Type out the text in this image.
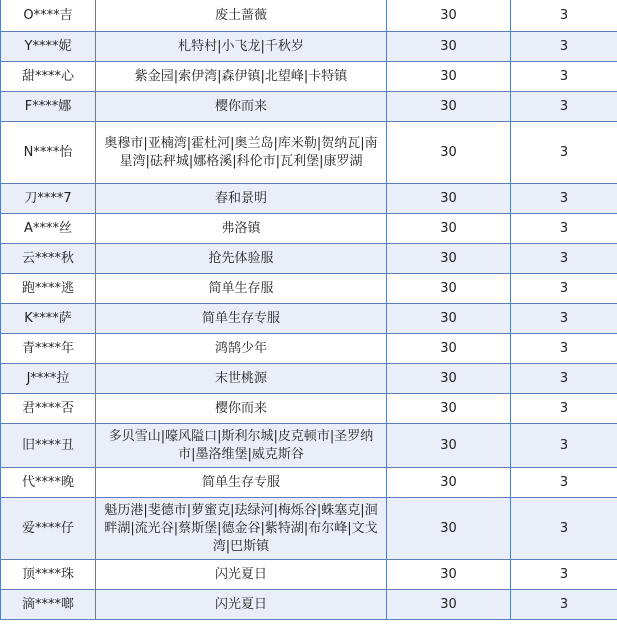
O****吉	废土蔷薇	30	3
Y****妮	札特村|小飞龙|千秋岁	30	3
甜****心	紫金园|索伊湾|森伊镇|北望峰|卡特镇	30	3
F****娜	樱你而来	30	3
N****怡	奥穆市|亚楠湾|霍杜河|奥兰岛|库米勒|贺纳瓦|南星湾|砝秤城|娜格溪|科伦市|瓦利堡|康罗湖	30	3
刀****7	春和景明	30	3
A****丝	弗洛镇	30	3
云****秋	抢先体验服	30	3
跑****逃	简单生存服	30	3
K****萨	简单生存专服	30	3
青****年	鸿鹄少年	30	3
J****拉	末世桃源	30	3
君****否	樱你而来	30	3
旧****丑	多贝雪山|嚎风隘口|斯利尔城|皮克顿市|圣罗纳市|墨洛维堡|威克斯谷	30	3
代****晚	简单生存专服	30	3
爱****仔	魁历港|斐德市|萝蜜克|珐绿河|梅烁谷|蛛塞克|洄畔湖|流光谷|蔡斯堡|德金谷|紫特湖|布尔峰|文戈湾|巴斯镇	30	3
顶****珠	闪光夏日	30	3
滴****啷	闪光夏日	30	3
